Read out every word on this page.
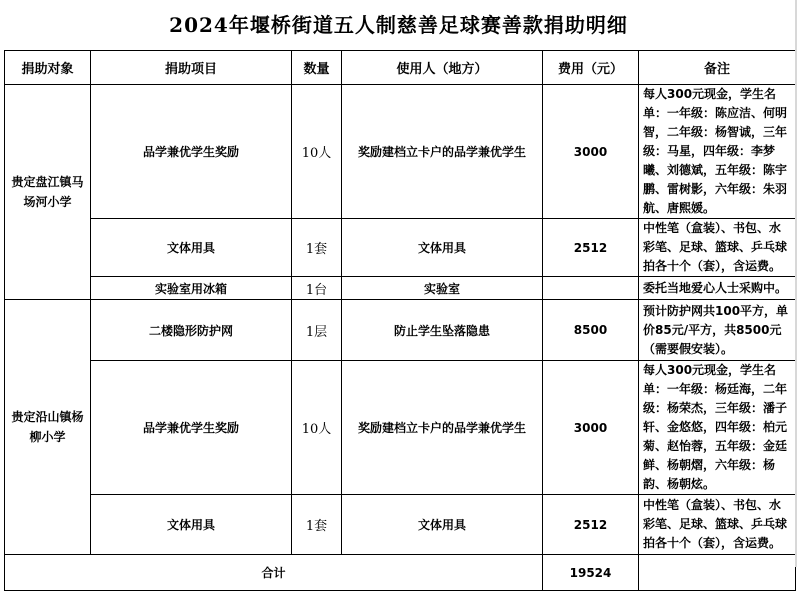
2024年堰桥街道五人制慈善足球赛善款捐助明细
捐助对象	捐助项目	数量	使用人（地方）	费用（元）	备注
贵定盘江镇马场河小学	品学兼优学生奖励	10人	奖励建档立卡户的品学兼优学生	3000	每人300元现金，学生名单：一年级：陈应洁、何明智，二年级：杨智诚，三年级：马星，四年级：李梦曦、刘德斌，五年级：陈宇鹏、雷树影，六年级：朱羽航、唐熙媛。
	文体用具	1套	文体用具	2512	中性笔（盒装）、书包、水彩笔、足球、篮球、乒乓球拍各十个（套），含运费。
	实验室用冰箱	1台	实验室		委托当地爱心人士采购中。
贵定沿山镇杨柳小学	二楼隐形防护网	1层	防止学生坠落隐患	8500	预计防护网共100平方，单价85元/平方，共8500元（需要假安装）。
	品学兼优学生奖励	10人	奖励建档立卡户的品学兼优学生	3000	每人300元现金，学生名单：一年级：杨廷海，二年级：杨荣杰，三年级：潘子轩、金悠悠，四年级：柏元菊、赵怡蓉，五年级：金廷鲜、杨朝熠，六年级：杨韵、杨朝炫。
	文体用具	1套	文体用具	2512	中性笔（盒装）、书包、水彩笔、足球、篮球、乒乓球拍各十个（套），含运费。
合计				19524	
